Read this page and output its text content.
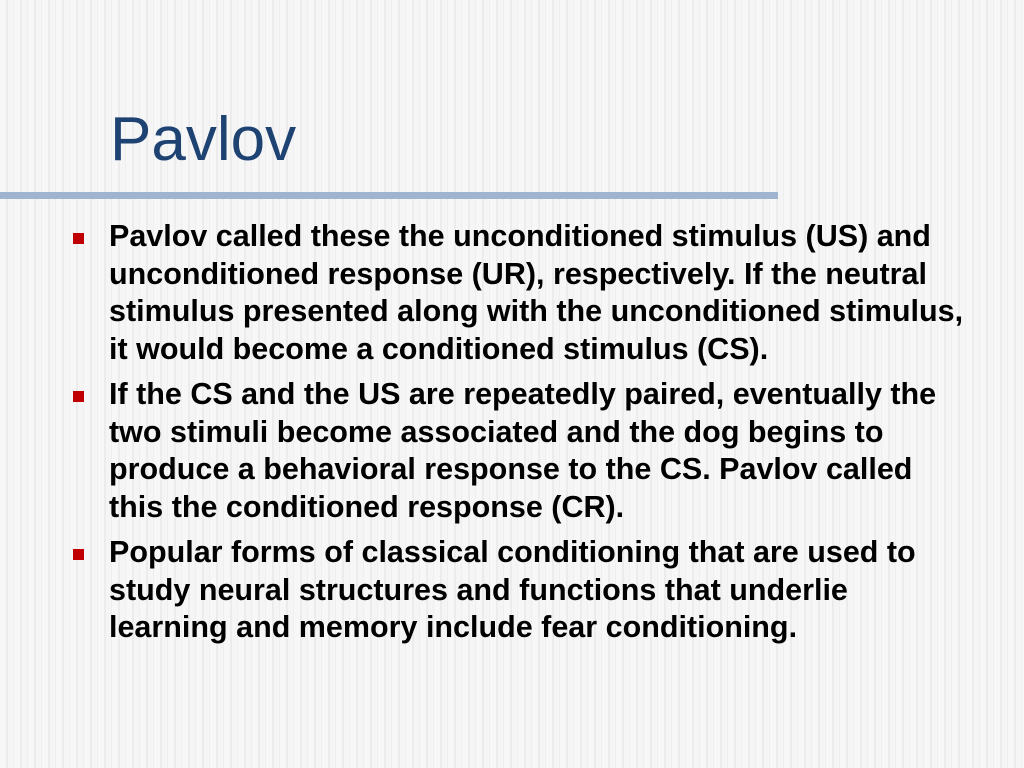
Pavlov
Pavlov called these the unconditioned stimulus (US) and unconditioned response (UR), respectively. If the neutral stimulus presented along with the unconditioned stimulus, it would become a conditioned stimulus (CS).
If the CS and the US are repeatedly paired, eventually the two stimuli become associated and the dog begins to produce a behavioral response to the CS. Pavlov called this the conditioned response (CR).
Popular forms of classical conditioning that are used to study neural structures and functions that underlie learning and memory include fear conditioning.
